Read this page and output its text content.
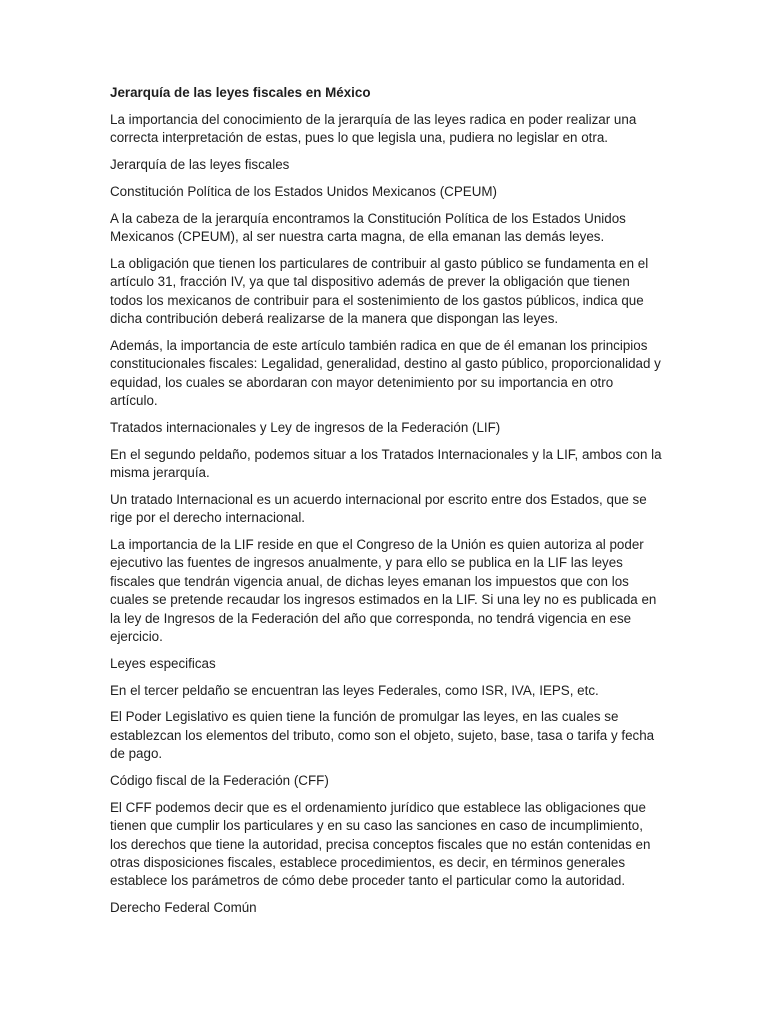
Jerarquía de las leyes fiscales en México

La importancia del conocimiento de la jerarquía de las leyes radica en poder realizar una correcta interpretación de estas, pues lo que legisla una, pudiera no legislar en otra.

Jerarquía de las leyes fiscales

Constitución Política de los Estados Unidos Mexicanos (CPEUM)

A la cabeza de la jerarquía encontramos la Constitución Política de los Estados Unidos Mexicanos (CPEUM), al ser nuestra carta magna, de ella emanan las demás leyes.

La obligación que tienen los particulares de contribuir al gasto público se fundamenta en el artículo 31, fracción IV, ya que tal dispositivo además de prever la obligación que tienen todos los mexicanos de contribuir para el sostenimiento de los gastos públicos, indica que dicha contribución deberá realizarse de la manera que dispongan las leyes.

Además, la importancia de este artículo también radica en que de él emanan los principios constitucionales fiscales: Legalidad, generalidad, destino al gasto público, proporcionalidad y equidad, los cuales se abordaran con mayor detenimiento por su importancia en otro artículo.

Tratados internacionales y Ley de ingresos de la Federación (LIF)

En el segundo peldaño, podemos situar a los Tratados Internacionales y la LIF, ambos con la misma jerarquía.

Un tratado Internacional es un acuerdo internacional por escrito entre dos Estados, que se rige por el derecho internacional.

La importancia de la LIF reside en que el Congreso de la Unión es quien autoriza al poder ejecutivo las fuentes de ingresos anualmente, y para ello se publica en la LIF las leyes fiscales que tendrán vigencia anual, de dichas leyes emanan los impuestos que con los cuales se pretende recaudar los ingresos estimados en la LIF. Si una ley no es publicada en la ley de Ingresos de la Federación del año que corresponda, no tendrá vigencia en ese ejercicio.

Leyes especificas

En el tercer peldaño se encuentran las leyes Federales, como ISR, IVA, IEPS, etc.

El Poder Legislativo es quien tiene la función de promulgar las leyes, en las cuales se establezcan los elementos del tributo, como son el objeto, sujeto, base, tasa o tarifa y fecha de pago.

Código fiscal de la Federación (CFF)

El CFF podemos decir que es el ordenamiento jurídico que establece las obligaciones que tienen que cumplir los particulares y en su caso las sanciones en caso de incumplimiento, los derechos que tiene la autoridad, precisa conceptos fiscales que no están contenidas en otras disposiciones fiscales, establece procedimientos, es decir, en términos generales establece los parámetros de cómo debe proceder tanto el particular como la autoridad.

Derecho Federal Común
